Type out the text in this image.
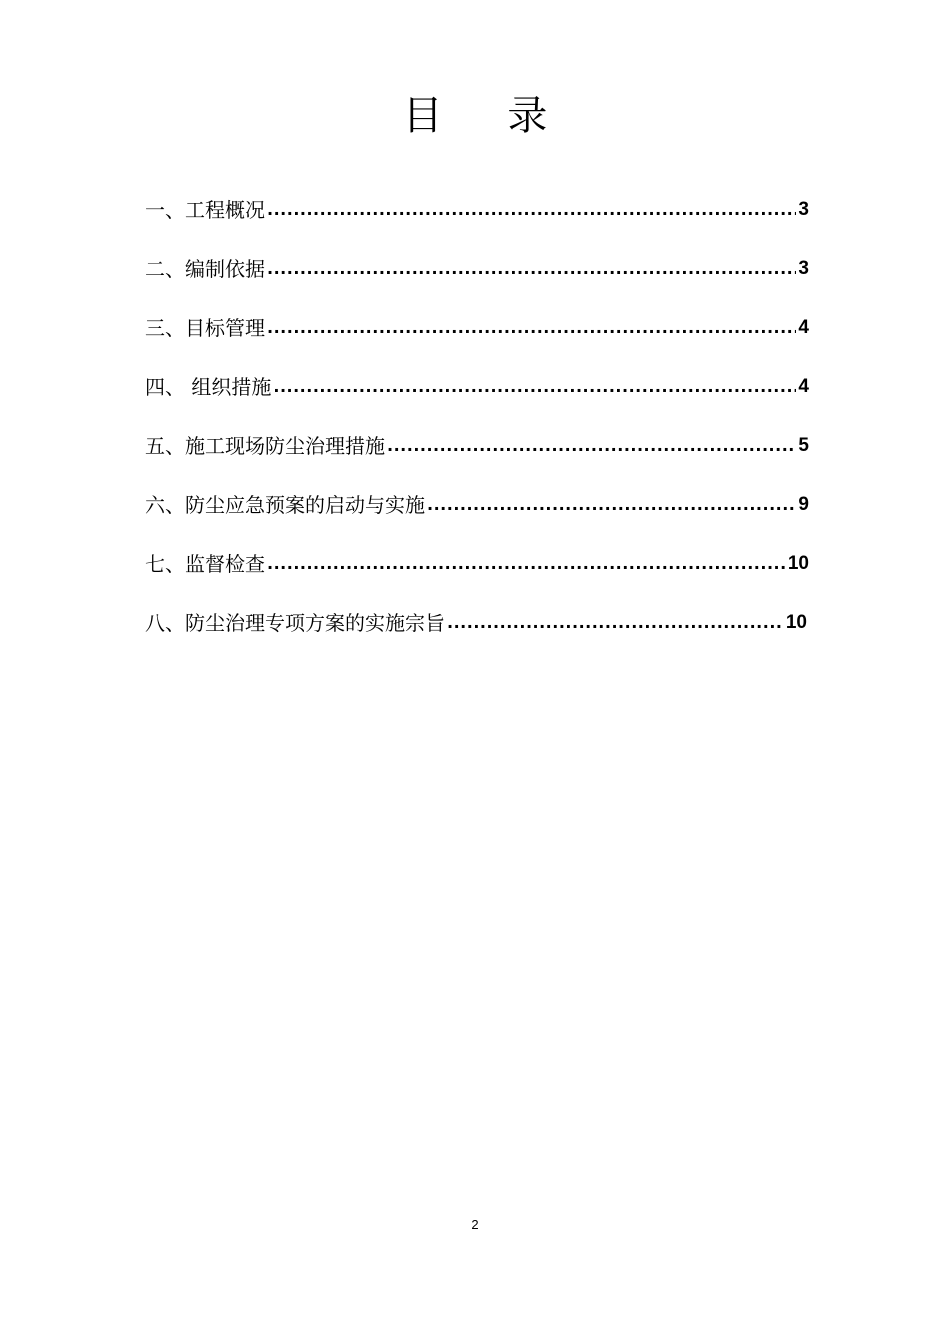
目 录
一、工程概况 .....	3
二、编制依据 .....	3
三、目标管理 .....	4
四、 组织措施 .....	4
五、施工现场防尘治理措施 .....	5
六、防尘应急预案的启动与实施 .....	9
七、监督检查 .....	10
八、防尘治理专项方案的实施宗旨 .....	10
2
